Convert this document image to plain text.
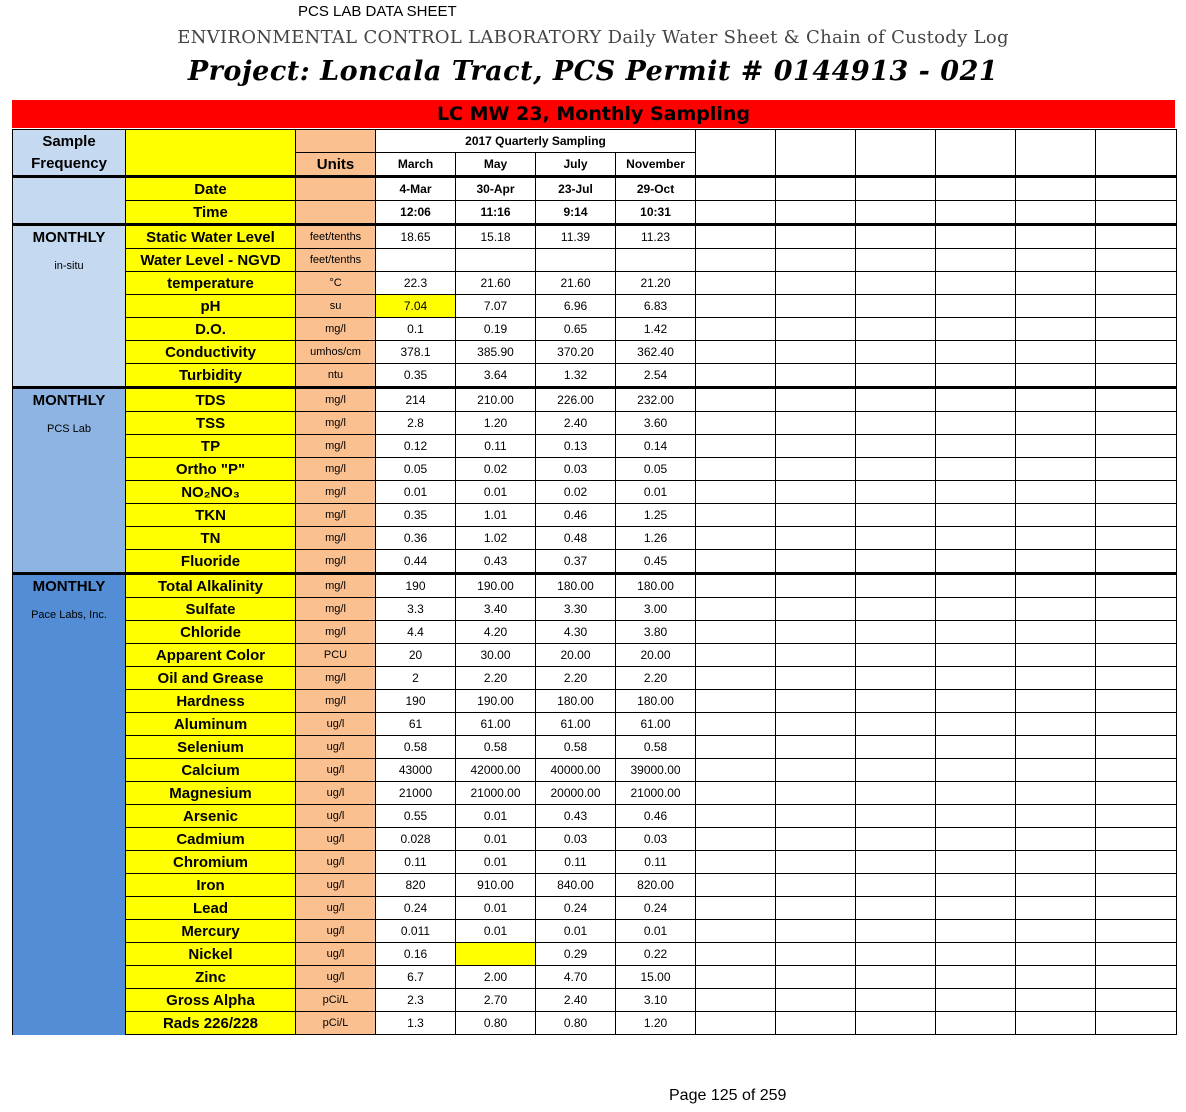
PCS LAB DATA SHEET
ENVIRONMENTAL CONTROL LABORATORY Daily Water Sheet & Chain of Custody Log
Project: Loncala Tract, PCS Permit # 0144913 - 021
LC MW 23, Monthly Sampling
Sample
Frequency			2017 Quarterly Sampling									
		Units	March	May	July	November						

	Date		4-Mar	30-Apr	23-Jul	29-Oct						
	Time		12:06	11:16	9:14	10:31						

MONTHLY
in-situ	Static Water Level	feet/tenths	18.65	15.18	11.39	11.23						
	Water Level - NGVD	feet/tenths										
	temperature	°C	22.3	21.60	21.60	21.20						
	pH	su	7.04	7.07	6.96	6.83						
	D.O.	mg/l	0.1	0.19	0.65	1.42						
	Conductivity	umhos/cm	378.1	385.90	370.20	362.40						
	Turbidity	ntu	0.35	3.64	1.32	2.54						

MONTHLY
PCS Lab	TDS	mg/l	214	210.00	226.00	232.00						
	TSS	mg/l	2.8	1.20	2.40	3.60						
	TP	mg/l	0.12	0.11	0.13	0.14						
	Ortho "P"	mg/l	0.05	0.02	0.03	0.05						
	NO₂NO₃	mg/l	0.01	0.01	0.02	0.01						
	TKN	mg/l	0.35	1.01	0.46	1.25						
	TN	mg/l	0.36	1.02	0.48	1.26						
	Fluoride	mg/l	0.44	0.43	0.37	0.45						

MONTHLY
Pace Labs, Inc.	Total Alkalinity	mg/l	190	190.00	180.00	180.00						
	Sulfate	mg/l	3.3	3.40	3.30	3.00						
	Chloride	mg/l	4.4	4.20	4.30	3.80						
	Apparent Color	PCU	20	30.00	20.00	20.00						
	Oil and Grease	mg/l	2	2.20	2.20	2.20						
	Hardness	mg/l	190	190.00	180.00	180.00						
	Aluminum	ug/l	61	61.00	61.00	61.00						
	Selenium	ug/l	0.58	0.58	0.58	0.58						
	Calcium	ug/l	43000	42000.00	40000.00	39000.00						
	Magnesium	ug/l	21000	21000.00	20000.00	21000.00						
	Arsenic	ug/l	0.55	0.01	0.43	0.46						
	Cadmium	ug/l	0.028	0.01	0.03	0.03						
	Chromium	ug/l	0.11	0.01	0.11	0.11						
	Iron	ug/l	820	910.00	840.00	820.00						
	Lead	ug/l	0.24	0.01	0.24	0.24						
	Mercury	ug/l	0.011	0.01	0.01	0.01						
	Nickel	ug/l	0.16		0.29	0.22						
	Zinc	ug/l	6.7	2.00	4.70	15.00						
	Gross Alpha	pCi/L	2.3	2.70	2.40	3.10						
	Rads 226/228	pCi/L	1.3	0.80	0.80	1.20						
Page 125 of 259
